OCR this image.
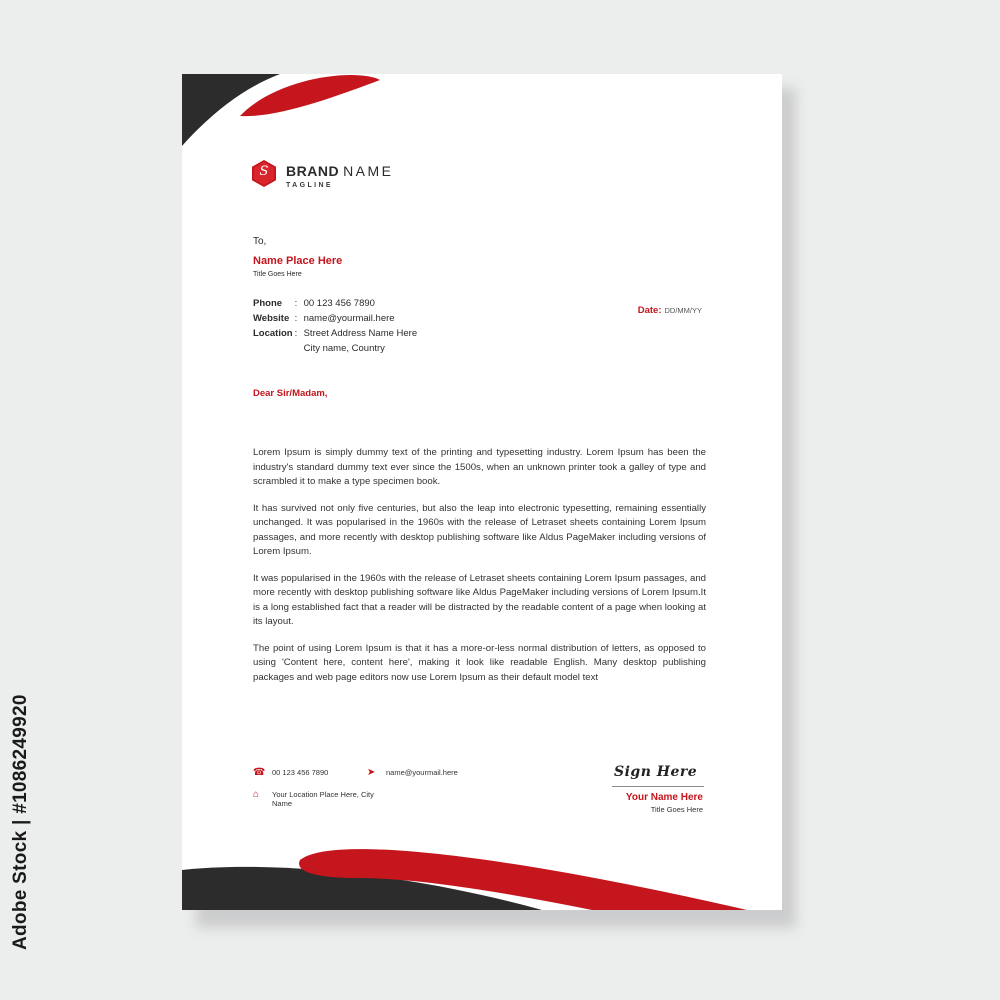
S	BRAND NAME
TAGLINE
To,
Name Place Here
Title Goes Here
Phone	:	00 123 456 7890
Website	:	name@yourmail.here
Location	:	Street Address Name Here
		City name, Country
Date: DD/MM/YY
Dear Sir/Madam,

Lorem Ipsum is simply dummy text of the printing and typesetting industry. Lorem Ipsum has been the industry's standard dummy text ever since the 1500s, when an unknown printer took a galley of type and scrambled it to make a type specimen book.

It has survived not only five centuries, but also the leap into electronic typesetting, remaining essentially unchanged. It was popularised in the 1960s with the release of Letraset sheets containing Lorem Ipsum passages, and more recently with desktop publishing software like Aldus PageMaker including versions of Lorem Ipsum.

It was popularised in the 1960s with the release of Letraset sheets containing Lorem Ipsum passages, and more recently with desktop publishing software like Aldus PageMaker including versions of Lorem Ipsum.It is a long established fact that a reader will be distracted by the readable content of a page when looking at its layout.

The point of using Lorem Ipsum is that it has a more-or-less normal distribution of letters, as opposed to using 'Content here, content here', making it look like readable English. Many desktop publishing packages and web page editors now use Lorem Ipsum as their default model text

☎ 00 123 456 7890	➤ name@yourmail.here
⌂ Your Location Place Here, City Name
Sign Here
Your Name Here
Title Goes Here
Adobe Stock | #1086249920
